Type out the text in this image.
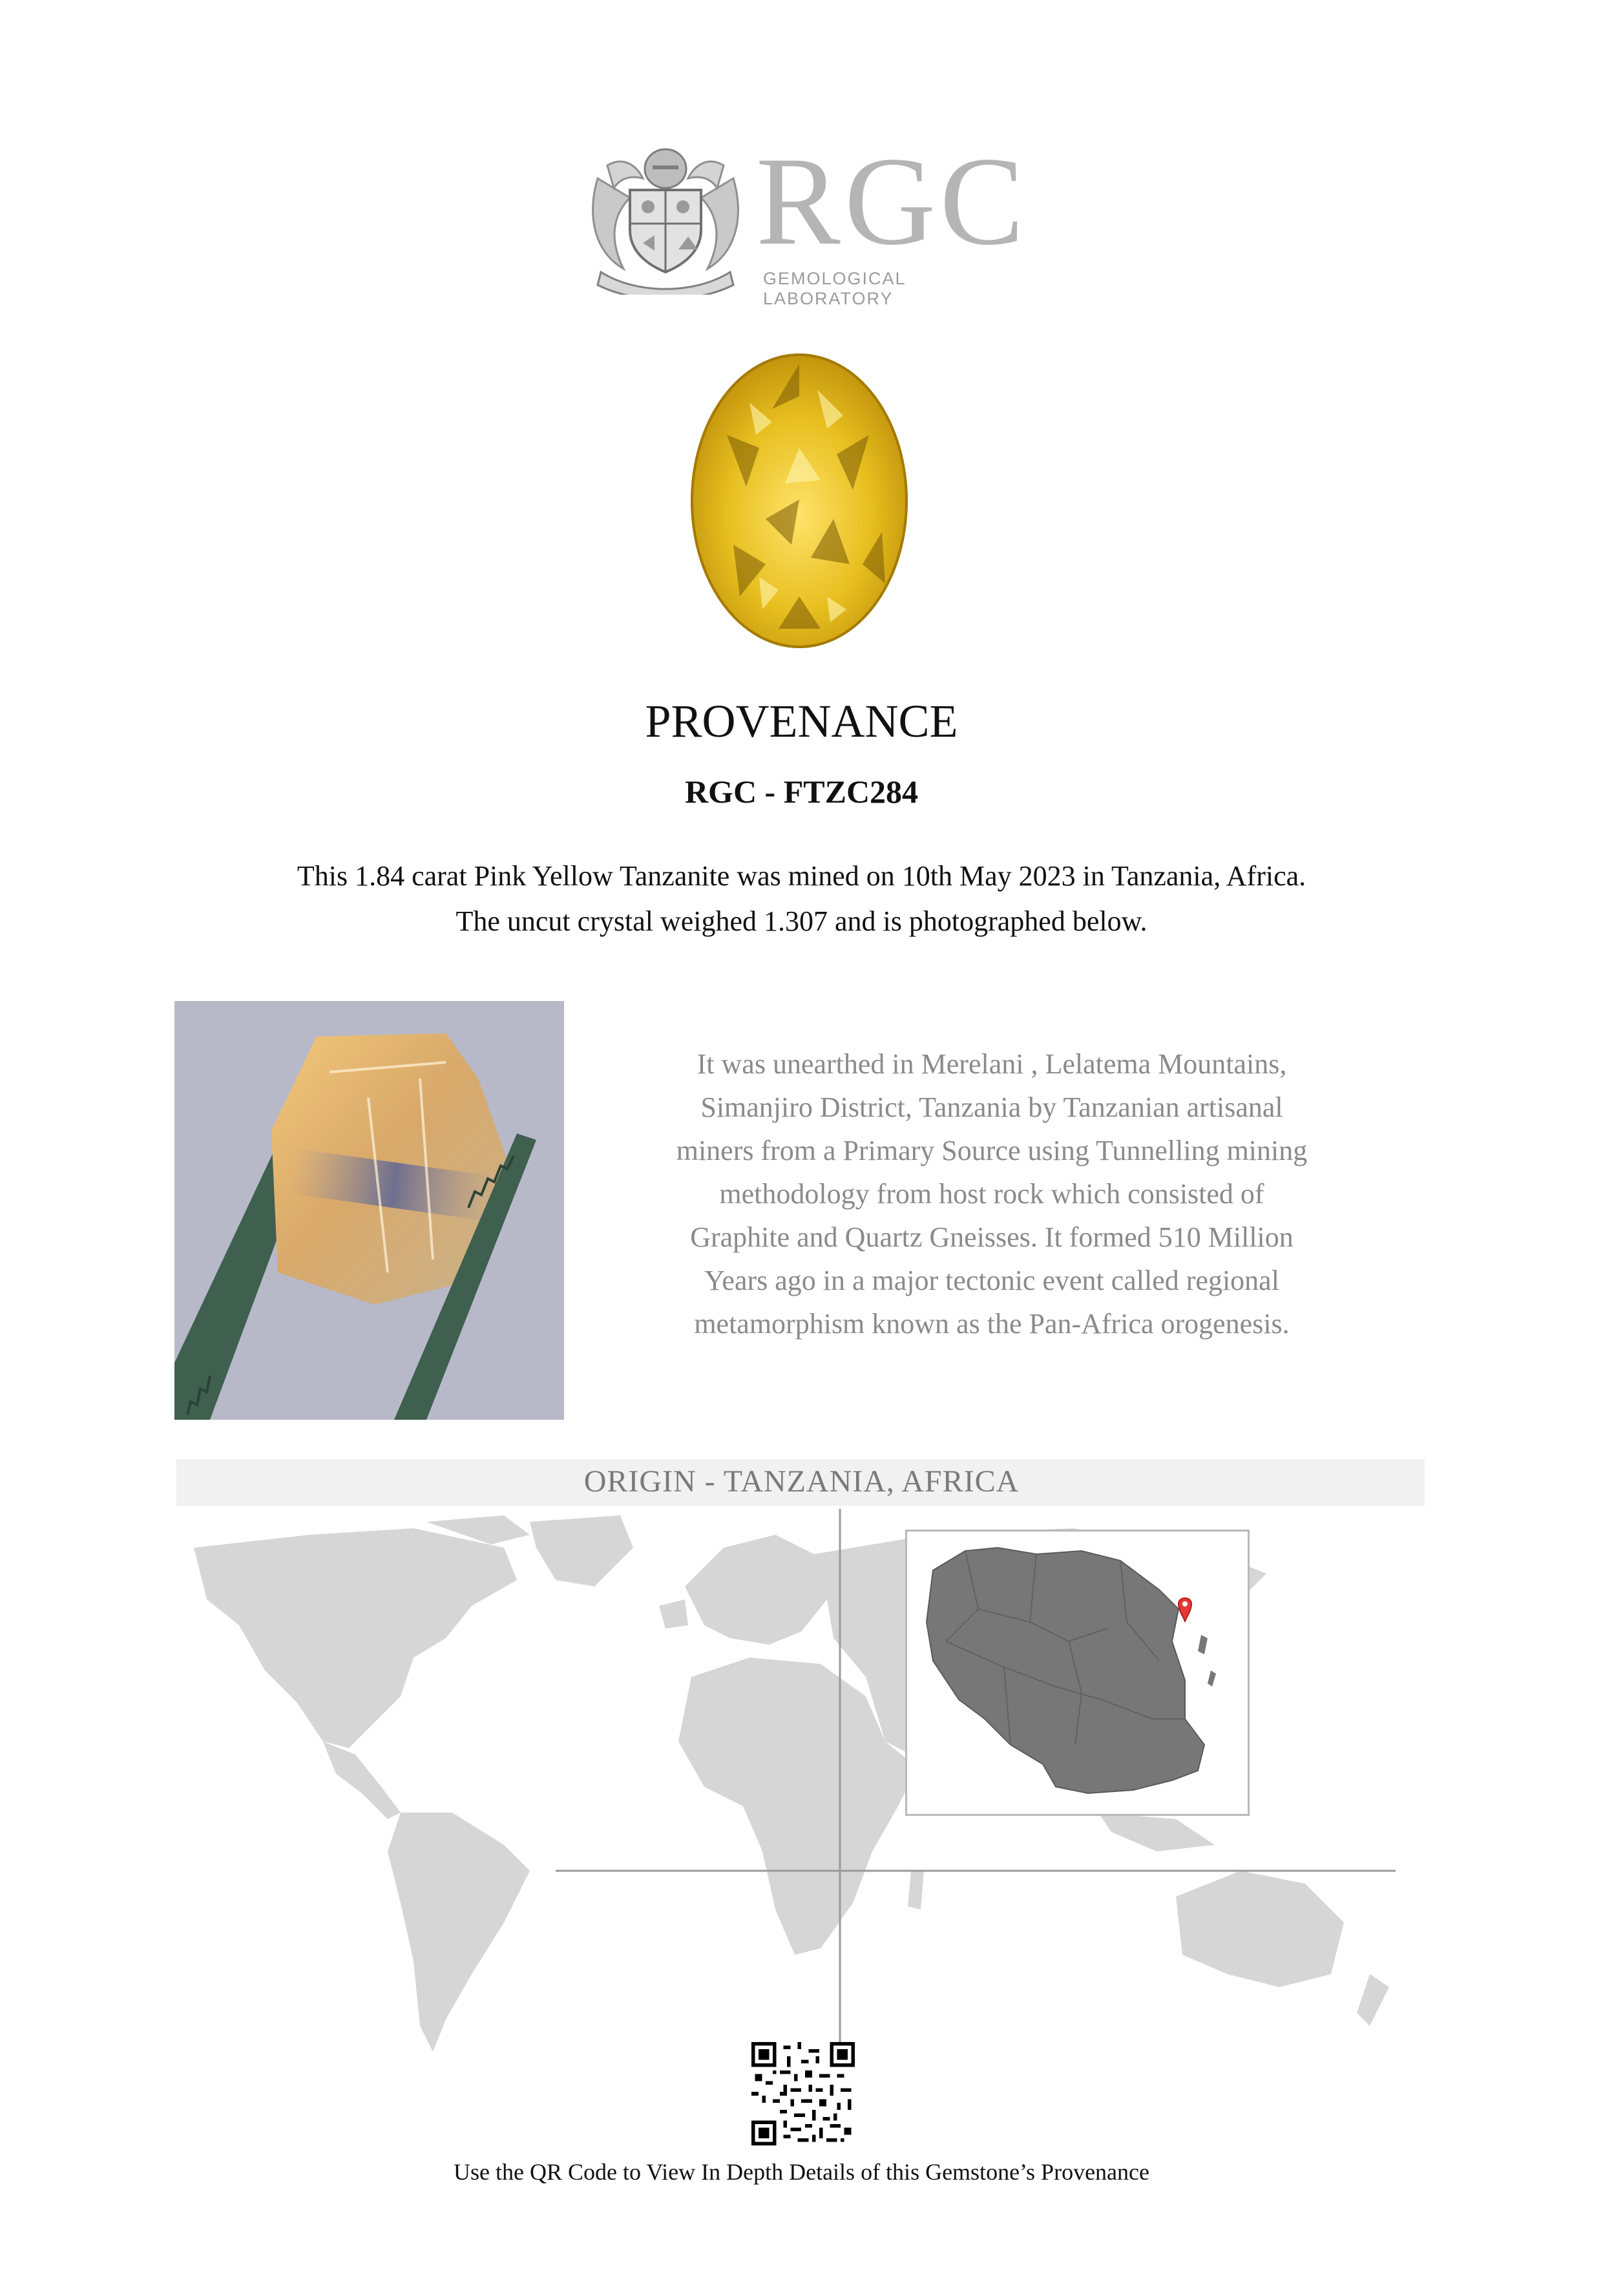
RGC
GEMOLOGICAL LABORATORY
PROVENANCE
RGC - FTZC284
This 1.84 carat Pink Yellow Tanzanite was mined on 10th May 2023 in Tanzania, Africa.
The uncut crystal weighed 1.307 and is photographed below.
It was unearthed in Merelani , Lelatema Mountains,
Simanjiro District, Tanzania by Tanzanian artisanal
miners from a Primary Source using Tunnelling mining
methodology from host rock which consisted of
Graphite and Quartz Gneisses. It formed 510 Million
Years ago in a major tectonic event called regional
metamorphism known as the Pan-Africa orogenesis.
ORIGIN - TANZANIA, AFRICA
Use the QR Code to View In Depth Details of this Gemstone’s Provenance
